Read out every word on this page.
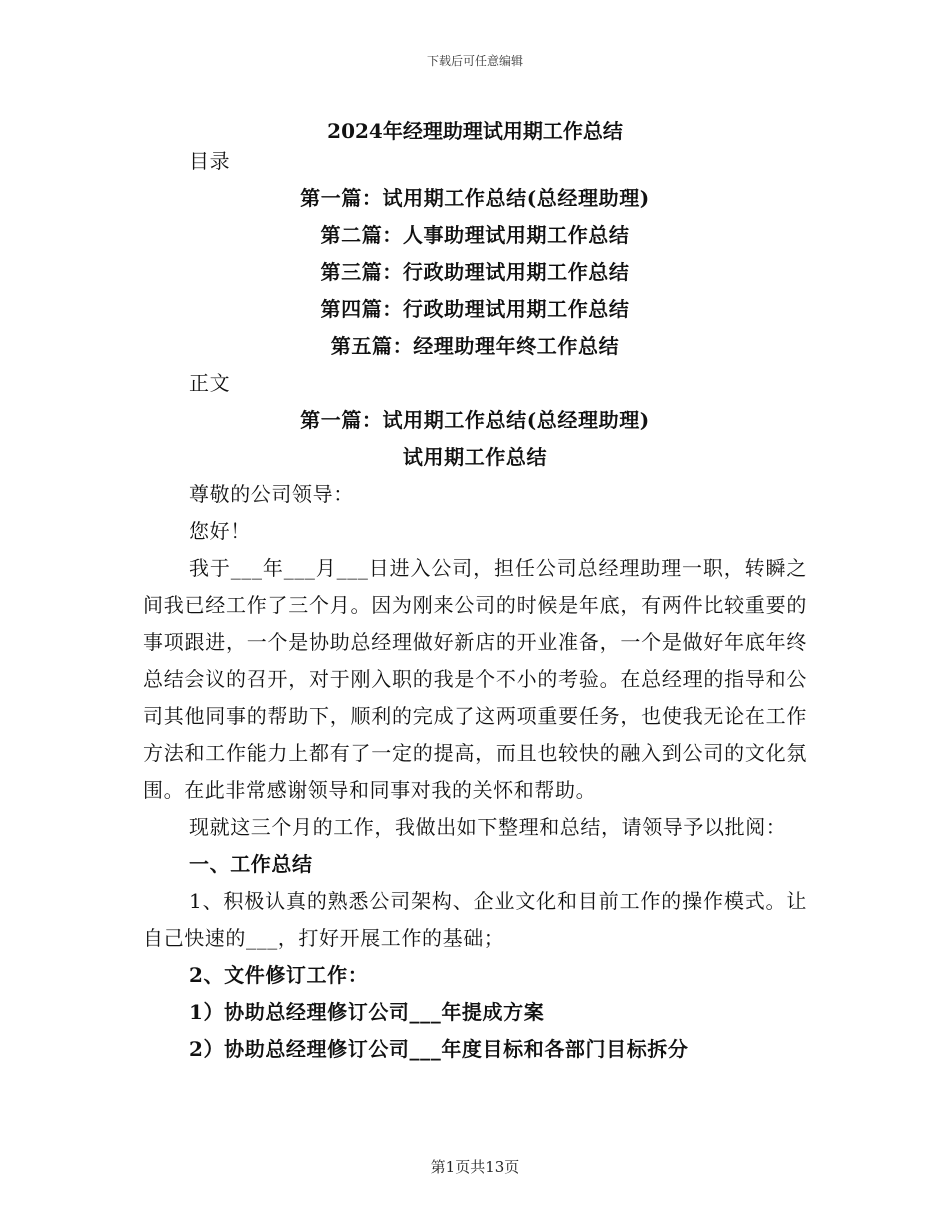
下载后可任意编辑
2024年经理助理试用期工作总结

目录

第一篇：试用期工作总结(总经理助理)

第二篇：人事助理试用期工作总结

第三篇：行政助理试用期工作总结

第四篇：行政助理试用期工作总结

第五篇：经理助理年终工作总结

正文

第一篇：试用期工作总结(总经理助理)

试用期工作总结

尊敬的公司领导：

您好！

我于___年___月___日进入公司，担任公司总经理助理一职，转瞬之间我已经工作了三个月。因为刚来公司的时候是年底，有两件比较重要的事项跟进，一个是协助总经理做好新店的开业准备，一个是做好年底年终总结会议的召开，对于刚入职的我是个不小的考验。在总经理的指导和公司其他同事的帮助下，顺利的完成了这两项重要任务，也使我无论在工作方法和工作能力上都有了一定的提高，而且也较快的融入到公司的文化氛围。在此非常感谢领导和同事对我的关怀和帮助。

现就这三个月的工作，我做出如下整理和总结，请领导予以批阅：

一、工作总结

1、积极认真的熟悉公司架构、企业文化和目前工作的操作模式。让自己快速的___，打好开展工作的基础；

2、文件修订工作：

1）协助总经理修订公司___年提成方案

2）协助总经理修订公司___年度目标和各部门目标拆分

第1页共13页
